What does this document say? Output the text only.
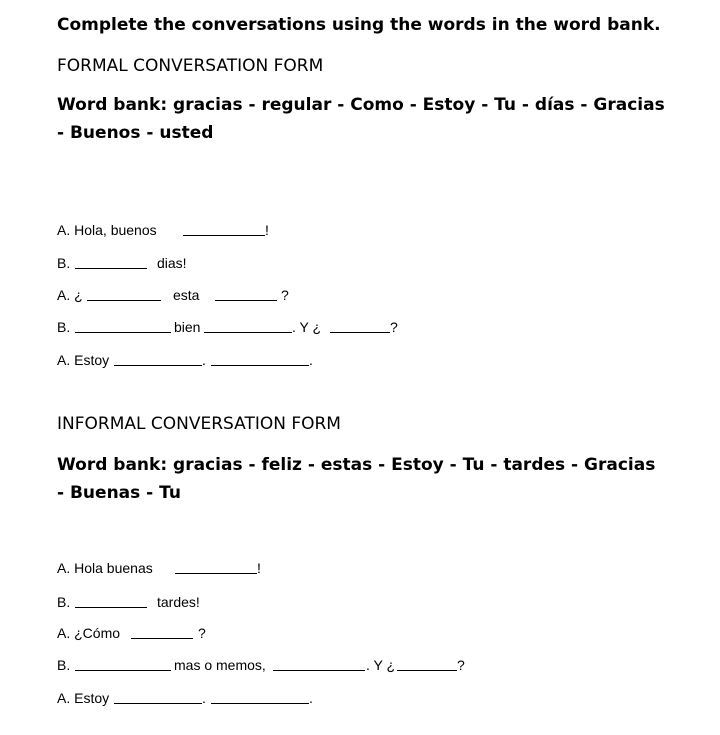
Complete the conversations using the words in the word bank.
FORMAL CONVERSATION FORM
Word bank: gracias - regular - Como - Estoy - Tu - días - Gracias
- Buenos - usted
A. Hola, buenos	!
B.	dias!
A. ¿	esta	?
B.	bien	. Y ¿	?
A. Estoy	.	.
INFORMAL CONVERSATION FORM
Word bank: gracias - feliz - estas - Estoy - Tu - tardes - Gracias
- Buenas - Tu
A. Hola buenas	!
B.	tardes!
A. ¿Cómo	?
B.	mas o memos,	. Y ¿	?
A. Estoy	.	.
